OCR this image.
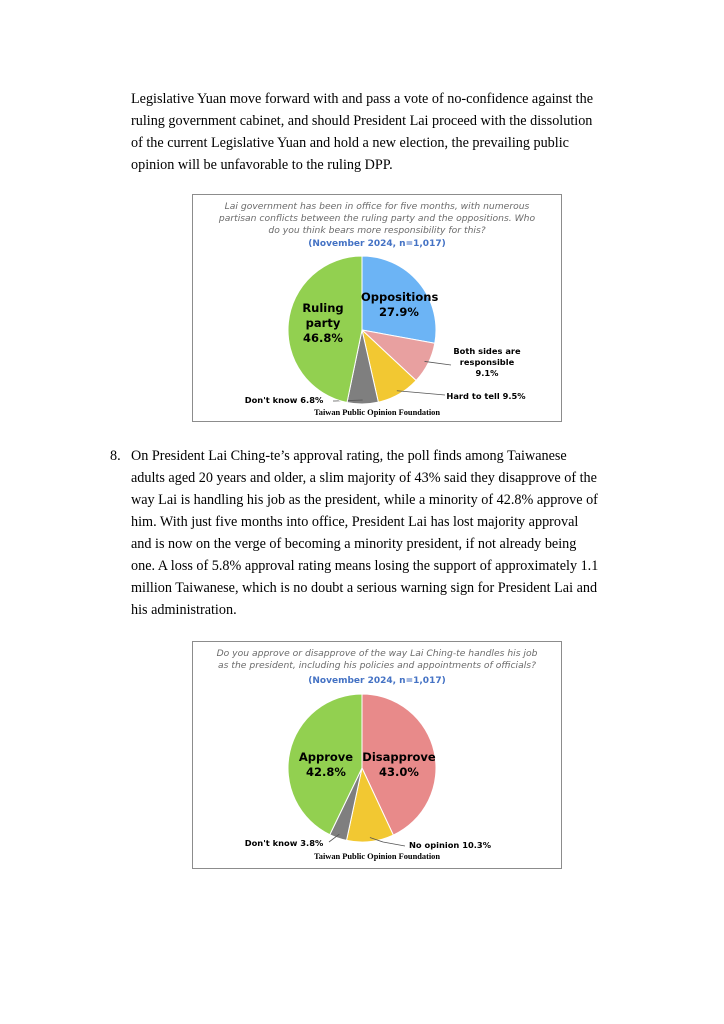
Legislative Yuan move forward with and pass a vote of no-confidence against the
ruling government cabinet, and should President Lai proceed with the dissolution
of the current Legislative Yuan and hold a new election, the prevailing public
opinion will be unfavorable to the ruling DPP.
Lai government has been in office for five months, with numerous
partisan conflicts between the ruling party and the oppositions. Who
do you think bears more responsibility for this?
(November 2024, n=1,017)
Ruling
party
46.8%
Oppositions
27.9%
Both sides are
responsible
9.1%
Hard to tell 9.5%
Don't know 6.8%
Taiwan Public Opinion Foundation
8. On President Lai Ching-te’s approval rating, the poll finds among Taiwanese
adults aged 20 years and older, a slim majority of 43% said they disapprove of the
way Lai is handling his job as the president, while a minority of 42.8% approve of
him. With just five months into office, President Lai has lost majority approval
and is now on the verge of becoming a minority president, if not already being
one. A loss of 5.8% approval rating means losing the support of approximately 1.1
million Taiwanese, which is no doubt a serious warning sign for President Lai and
his administration.
Do you approve or disapprove of the way Lai Ching-te handles his job
as the president, including his policies and appointments of officials?
(November 2024, n=1,017)
Approve
42.8%
Disapprove
43.0%
No opinion 10.3%
Don't know 3.8%
Taiwan Public Opinion Foundation
